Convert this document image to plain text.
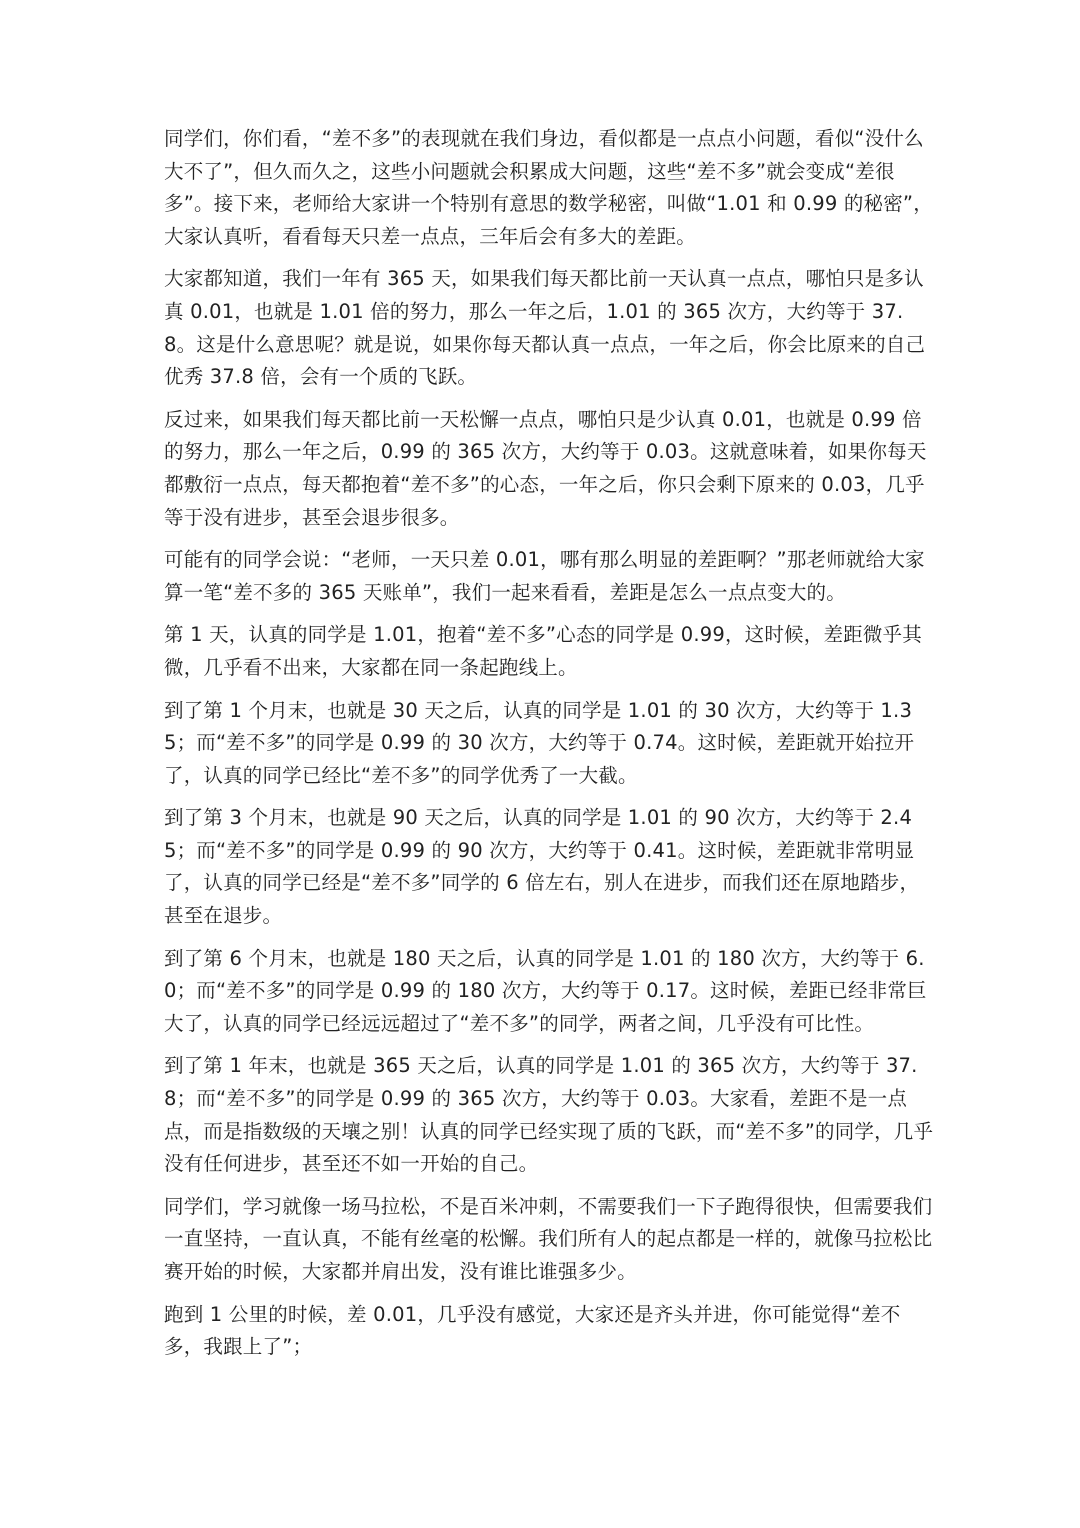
同学们，你们看，“差不多”的表现就在我们身边，看似都是一点点小问题，看似“没什么大不了”，但久而久之，这些小问题就会积累成大问题，这些“差不多”就会变成“差很多”。接下来，老师给大家讲一个特别有意思的数学秘密，叫做“1.01 和 0.99 的秘密”，大家认真听，看看每天只差一点点，三年后会有多大的差距。

大家都知道，我们一年有 365 天，如果我们每天都比前一天认真一点点，哪怕只是多认真 0.01，也就是 1.01 倍的努力，那么一年之后，1.01 的 365 次方，大约等于 37.8。这是什么意思呢？就是说，如果你每天都认真一点点，一年之后，你会比原来的自己优秀 37.8 倍，会有一个质的飞跃。

反过来，如果我们每天都比前一天松懈一点点，哪怕只是少认真 0.01，也就是 0.99 倍的努力，那么一年之后，0.99 的 365 次方，大约等于 0.03。这就意味着，如果你每天都敷衍一点点，每天都抱着“差不多”的心态，一年之后，你只会剩下原来的 0.03，几乎等于没有进步，甚至会退步很多。

可能有的同学会说：“老师，一天只差 0.01，哪有那么明显的差距啊？”那老师就给大家算一笔“差不多的 365 天账单”，我们一起来看看，差距是怎么一点点变大的。

第 1 天，认真的同学是 1.01，抱着“差不多”心态的同学是 0.99，这时候，差距微乎其微，几乎看不出来，大家都在同一条起跑线上。

到了第 1 个月末，也就是 30 天之后，认真的同学是 1.01 的 30 次方，大约等于 1.35；而“差不多”的同学是 0.99 的 30 次方，大约等于 0.74。这时候，差距就开始拉开了，认真的同学已经比“差不多”的同学优秀了一大截。

到了第 3 个月末，也就是 90 天之后，认真的同学是 1.01 的 90 次方，大约等于 2.45；而“差不多”的同学是 0.99 的 90 次方，大约等于 0.41。这时候，差距就非常明显了，认真的同学已经是“差不多”同学的 6 倍左右，别人在进步，而我们还在原地踏步，甚至在退步。

到了第 6 个月末，也就是 180 天之后，认真的同学是 1.01 的 180 次方，大约等于 6.0；而“差不多”的同学是 0.99 的 180 次方，大约等于 0.17。这时候，差距已经非常巨大了，认真的同学已经远远超过了“差不多”的同学，两者之间，几乎没有可比性。

到了第 1 年末，也就是 365 天之后，认真的同学是 1.01 的 365 次方，大约等于 37.8；而“差不多”的同学是 0.99 的 365 次方，大约等于 0.03。大家看，差距不是一点点，而是指数级的天壤之别！认真的同学已经实现了质的飞跃，而“差不多”的同学，几乎没有任何进步，甚至还不如一开始的自己。

同学们，学习就像一场马拉松，不是百米冲刺，不需要我们一下子跑得很快，但需要我们一直坚持，一直认真，不能有丝毫的松懈。我们所有人的起点都是一样的，就像马拉松比赛开始的时候，大家都并肩出发，没有谁比谁强多少。

跑到 1 公里的时候，差 0.01，几乎没有感觉，大家还是齐头并进，你可能觉得“差不多，我跟上了”；
